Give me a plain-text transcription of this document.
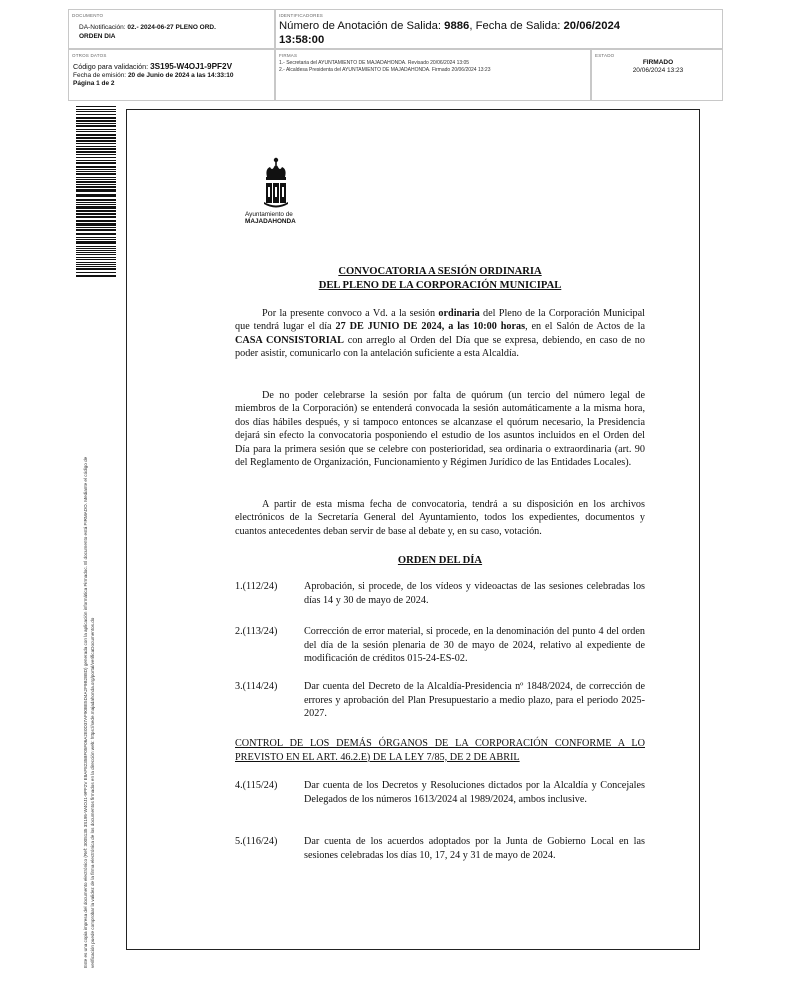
DOCUMENTO
DA-Notificación: 02.- 2024-06-27 PLENO ORD.
ORDEN DIA
IDENTIFICADORES
Número de Anotación de Salida: 9886, Fecha de Salida: 20/06/2024
13:58:00
OTROS DATOS
Código para validación: 3S195-W4OJ1-9PF2V
Fecha de emisión: 20 de Junio de 2024 a las 14:33:10
Página 1 de 2
FIRMAS
1.- Secretaria del AYUNTAMIENTO DE MAJADAHONDA. Revisado 20/06/2024 13:05
2.- Alcaldesa Presidenta del AYUNTAMIENTO DE MAJADAHONDA. Firmado 20/06/2024 13:23
ESTADO
FIRMADO
20/06/2024 13:23
Este es una copia impresa del documento electrónico (Ref: 3005135 3S195-W4OJ1-9PF2V E8AF8235BF05F06A2E0D37AF90BE5D4A2F9B2B8D) generada con la aplicación informática Firmadoc. El documento está FIRMADO. Mediante el código de verificación puede comprobar la validez de la firma electrónica de los documentos firmados en la dirección web: https://sede.majadahonda.org/portal/verificaDocumentos.do
Ayuntamiento de
MAJADAHONDA
CONVOCATORIA A SESIÓN ORDINARIA
DEL PLENO DE LA CORPORACIÓN MUNICIPAL

Por la presente convoco a Vd. a la sesión ordinaria del Pleno de la Corporación Municipal que tendrá lugar el día 27 DE JUNIO DE 2024, a las 10:00 horas, en el Salón de Actos de la CASA CONSISTORIAL con arreglo al Orden del Día que se expresa, debiendo, en caso de no poder asistir, comunicarlo con la antelación suficiente a esta Alcaldía.

De no poder celebrarse la sesión por falta de quórum (un tercio del número legal de miembros de la Corporación) se entenderá convocada la sesión automáticamente a la misma hora, dos días hábiles después, y si tampoco entonces se alcanzase el quórum necesario, la Presidencia dejará sin efecto la convocatoria posponiendo el estudio de los asuntos incluidos en el Orden del Día para la primera sesión que se celebre con posterioridad, sea ordinaria o extraordinaria (art. 90 del Reglamento de Organización, Funcionamiento y Régimen Jurídico de las Entidades Locales).

A partir de esta misma fecha de convocatoria, tendrá a su disposición en los archivos electrónicos de la Secretaría General del Ayuntamiento, todos los expedientes, documentos y cuantos antecedentes deban servir de base al debate y, en su caso, votación.

ORDEN DEL DÍA
1.(112/24)	Aprobación, si procede, de los vídeos y videoactas de las sesiones celebradas los días 14 y 30 de mayo de 2024.
2.(113/24)	Corrección de error material, si procede, en la denominación del punto 4 del orden del día de la sesión plenaria de 30 de mayo de 2024, relativo al expediente de modificación de créditos 015-24-ES-02.
3.(114/24)	Dar cuenta del Decreto de la Alcaldía-Presidencia nº 1848/2024, de corrección de errores y aprobación del Plan Presupuestario a medio plazo, para el periodo 2025-2027.
CONTROL DE LOS DEMÁS ÓRGANOS DE LA CORPORACIÓN CONFORME A LO PREVISTO EN EL ART. 46.2.E) DE LA LEY 7/85, DE 2 DE ABRIL
4.(115/24)	Dar cuenta de los Decretos y Resoluciones dictados por la Alcaldía y Concejales Delegados de los números 1613/2024 al 1989/2024, ambos inclusive.
5.(116/24)	Dar cuenta de los acuerdos adoptados por la Junta de Gobierno Local en las sesiones celebradas los días 10, 17, 24 y 31 de mayo de 2024.
